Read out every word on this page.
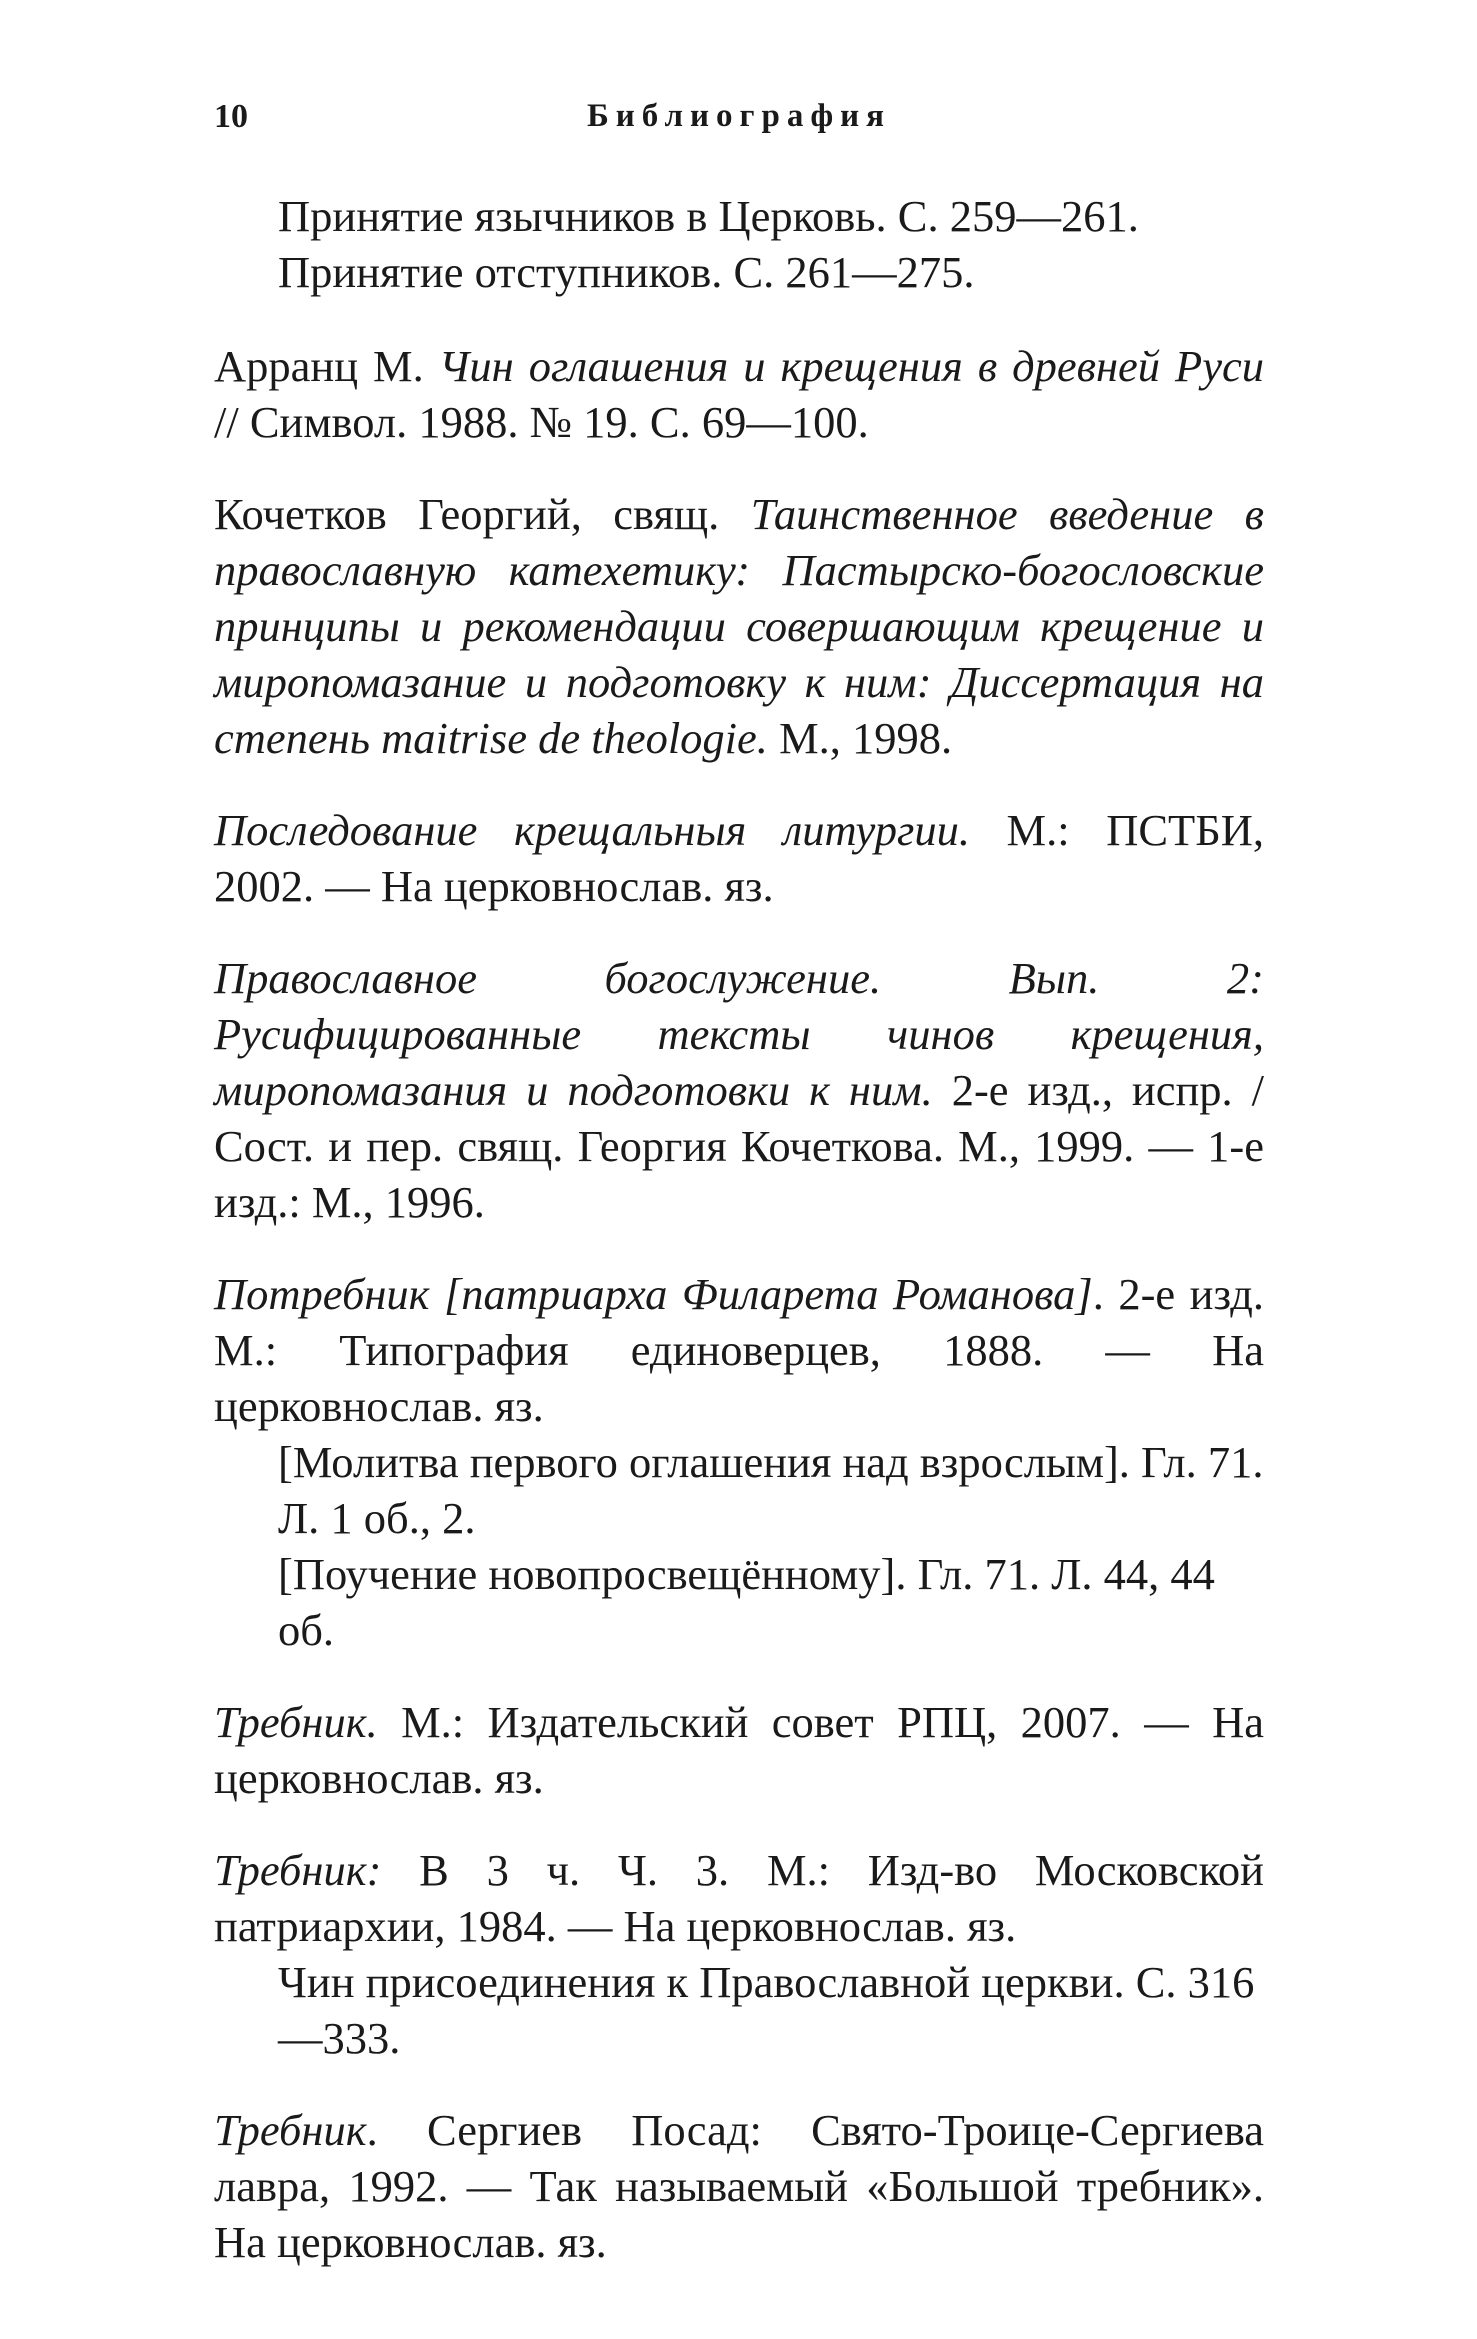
10	Библиография
Принятие язычников в Церковь. С. 259—261.
Принятие отступников. С. 261—275.
Арранц М. Чин оглашения и крещения в древней Руси // Символ. 1988. № 19. С. 69—100.
Кочетков Георгий, свящ. Таинственное введение в православную катехетику: Пастырско-богословские принципы и рекомендации совершающим крещение и миропомазание и подготовку к ним: Диссертация на степень maitrise de theologie. М., 1998.
Последование крещальныя литургии. М.: ПСТБИ, 2002. — На церковнослав. яз.
Православное богослужение. Вып. 2: Русифицированные тексты чинов крещения, миропомазания и подготовки к ним. 2-е изд., испр. / Сост. и пер. свящ. Георгия Кочеткова. М., 1999. — 1-е изд.: М., 1996.
Потребник [патриарха Филарета Романова]. 2-е изд. М.: Типография единоверцев, 1888. — На церковнослав. яз.
[Молитва первого оглашения над взрослым]. Гл. 71. Л. 1 об., 2.
[Поучение новопросвещённому]. Гл. 71. Л. 44, 44 об.
Требник. М.: Издательский совет РПЦ, 2007. — На церковнослав. яз.
Требник: В 3 ч. Ч. 3. М.: Изд-во Московской патриархии, 1984. — На церковнослав. яз.
Чин присоединения к Православной церкви. С. 316—333.
Требник. Сергиев Посад: Свято-Троице-Сергиева лавра, 1992. — Так называемый «Большой требник». На церковнослав. яз.
